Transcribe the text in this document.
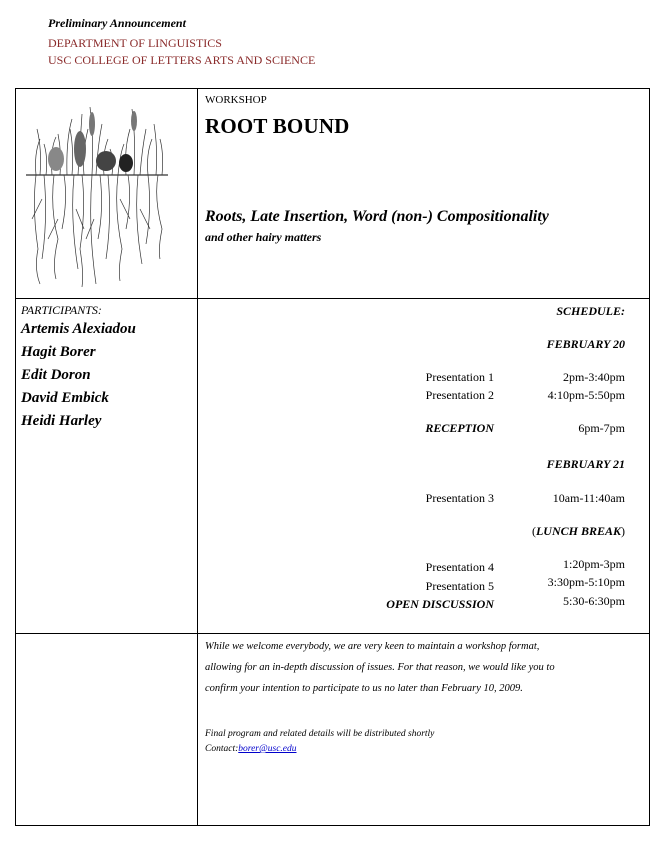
Preliminary Announcement
DEPARTMENT OF LINGUISTICS
USC COLLEGE OF LETTERS ARTS AND SCIENCE
WORKSHOP
ROOT BOUND
Roots, Late Insertion, Word (non-) Compositionality
and other hairy matters
PARTICIPANTS:
Artemis Alexiadou
Hagit Borer
Edit Doron
David Embick
Heidi Harley
SCHEDULE:
FEBRUARY 20
Presentation 1	2pm-3:40pm
Presentation 2	4:10pm-5:50pm
RECEPTION	6pm-7pm
FEBRUARY 21
Presentation 3	10am-11:40am
(LUNCH BREAK)
Presentation 4	1:20pm-3pm
Presentation 5	3:30pm-5:10pm
OPEN DISCUSSION	5:30-6:30pm
While we welcome everybody, we are very keen to maintain a workshop format,
allowing for an in-depth discussion of issues. For that reason, we would like you to
confirm your intention to participate to us no later than February 10, 2009.
Final program and related details will be distributed shortly
Contact:borer@usc.edu
